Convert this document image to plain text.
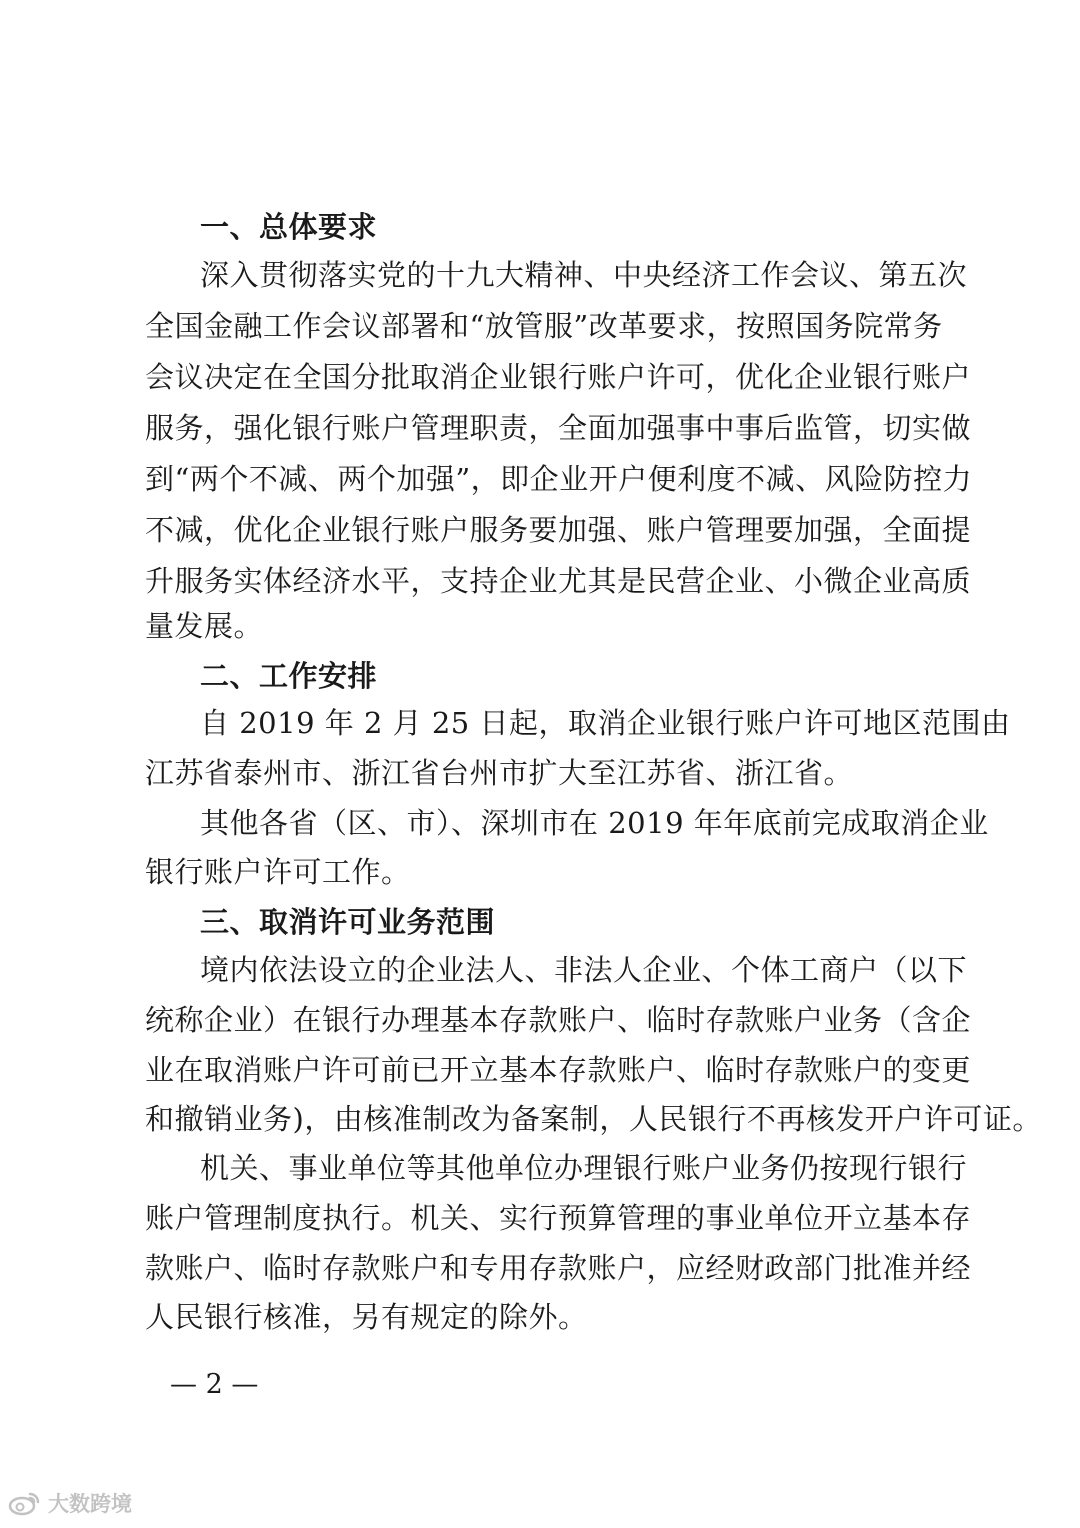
一、总体要求
深入贯彻落实党的十九大精神、中央经济工作会议、第五次
全国金融工作会议部署和“放管服”改革要求，按照国务院常务
会议决定在全国分批取消企业银行账户许可，优化企业银行账户
服务，强化银行账户管理职责，全面加强事中事后监管，切实做
到“两个不减、两个加强”，即企业开户便利度不减、风险防控力
不减，优化企业银行账户服务要加强、账户管理要加强，全面提
升服务实体经济水平，支持企业尤其是民营企业、小微企业高质
量发展。
二、工作安排
自 2019 年 2 月 25 日起，取消企业银行账户许可地区范围由
江苏省泰州市、浙江省台州市扩大至江苏省、浙江省。
其他各省（区、市）、深圳市在 2019 年年底前完成取消企业
银行账户许可工作。
三、取消许可业务范围
境内依法设立的企业法人、非法人企业、个体工商户（以下
统称企业）在银行办理基本存款账户、临时存款账户业务（含企
业在取消账户许可前已开立基本存款账户、临时存款账户的变更
和撤销业务)，由核准制改为备案制，人民银行不再核发开户许可证。
机关、事业单位等其他单位办理银行账户业务仍按现行银行
账户管理制度执行。机关、实行预算管理的事业单位开立基本存
款账户、临时存款账户和专用存款账户，应经财政部门批准并经
人民银行核准，另有规定的除外。
— 2 —
大数跨境
